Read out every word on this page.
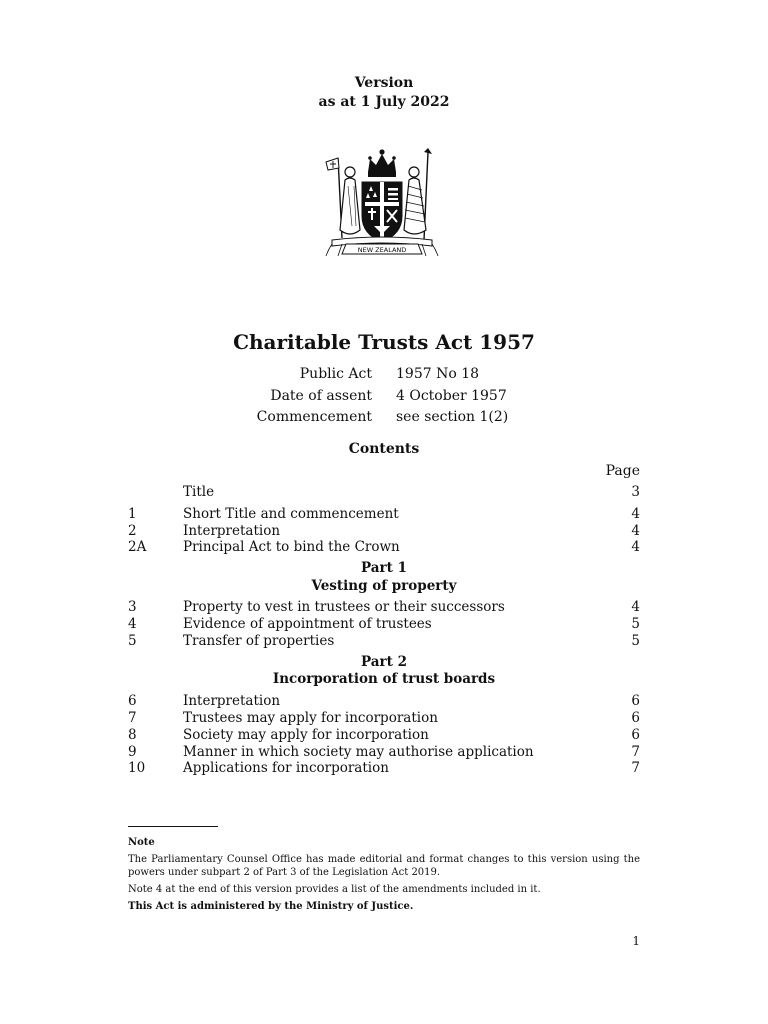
Version
as at 1 July 2022
NEW ZEALAND
Charitable Trusts Act 1957
Public Act 1957 No 18
Date of assent 4 October 1957
Commencement see section 1(2)
Contents
Page
Title	3
1	Short Title and commencement	4
2	Interpretation	4
2A	Principal Act to bind the Crown	4
Part 1
Vesting of property
3	Property to vest in trustees or their successors	4
4	Evidence of appointment of trustees	5
5	Transfer of properties	5
Part 2
Incorporation of trust boards
6	Interpretation	6
7	Trustees may apply for incorporation	6
8	Society may apply for incorporation	6
9	Manner in which society may authorise application	7
10	Applications for incorporation	7
Note
The Parliamentary Counsel Office has made editorial and format changes to this version using the powers under subpart 2 of Part 3 of the Legislation Act 2019.
Note 4 at the end of this version provides a list of the amendments included in it.
This Act is administered by the Ministry of Justice.
1
